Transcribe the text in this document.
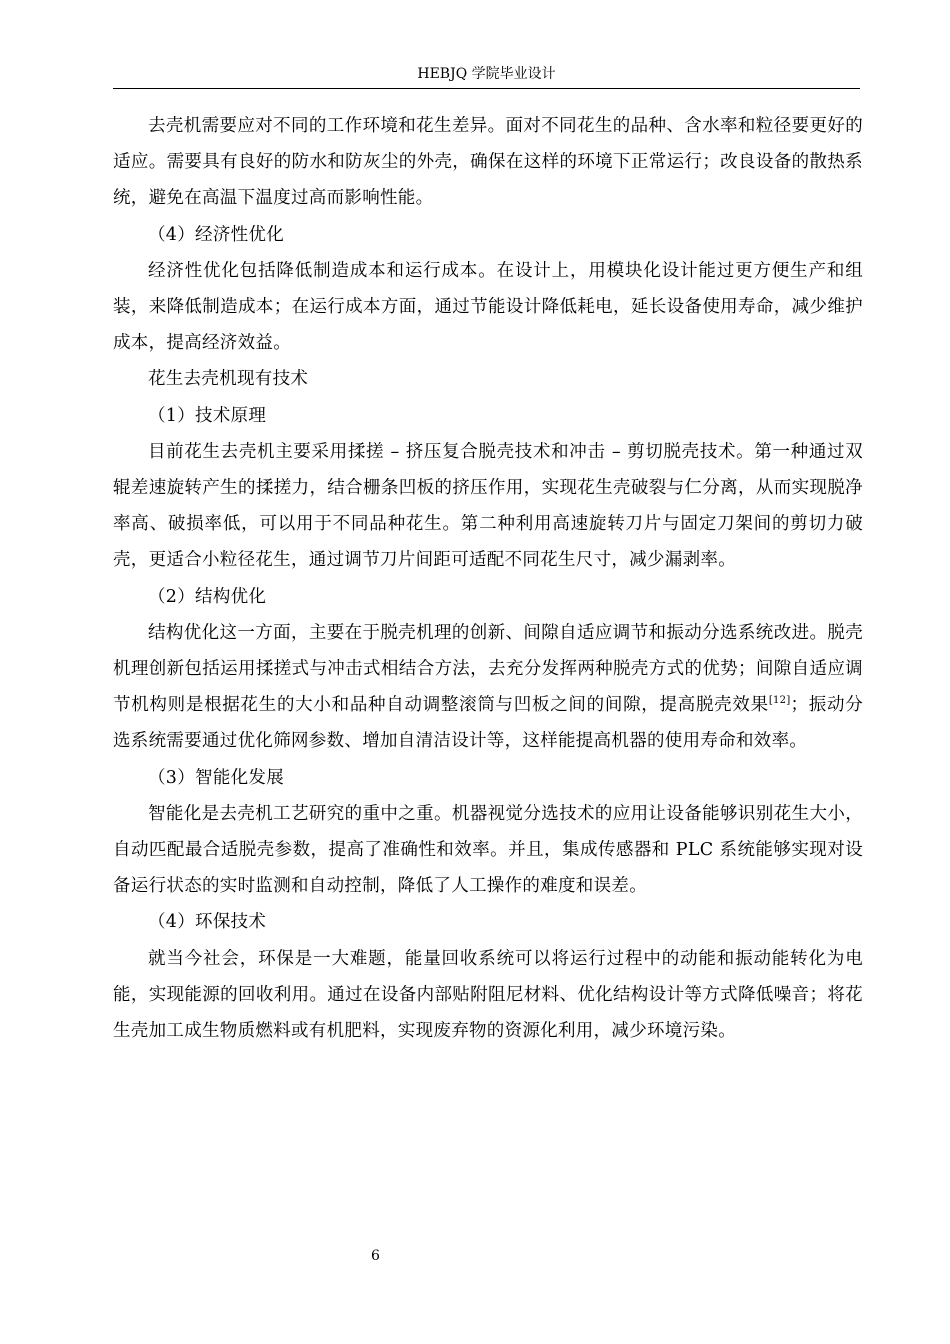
HEBJQ 学院毕业设计

去壳机需要应对不同的工作环境和花生差异。面对不同花生的品种、含水率和粒径要更好的适应。需要具有良好的防水和防灰尘的外壳，确保在这样的环境下正常运行；改良设备的散热系统，避免在高温下温度过高而影响性能。

（4）经济性优化

经济性优化包括降低制造成本和运行成本。在设计上，用模块化设计能过更方便生产和组装，来降低制造成本；在运行成本方面，通过节能设计降低耗电，延长设备使用寿命，减少维护成本，提高经济效益。

花生去壳机现有技术

（1）技术原理

目前花生去壳机主要采用揉搓 – 挤压复合脱壳技术和冲击 – 剪切脱壳技术。第一种通过双辊差速旋转产生的揉搓力，结合栅条凹板的挤压作用，实现花生壳破裂与仁分离，从而实现脱净率高、破损率低，可以用于不同品种花生。第二种利用高速旋转刀片与固定刀架间的剪切力破壳，更适合小粒径花生，通过调节刀片间距可适配不同花生尺寸，减少漏剥率。

（2）结构优化

结构优化这一方面，主要在于脱壳机理的创新、间隙自适应调节和振动分选系统改进。脱壳机理创新包括运用揉搓式与冲击式相结合方法，去充分发挥两种脱壳方式的优势；间隙自适应调节机构则是根据花生的大小和品种自动调整滚筒与凹板之间的间隙，提高脱壳效果[12]；振动分选系统需要通过优化筛网参数、增加自清洁设计等，这样能提高机器的使用寿命和效率。

（3）智能化发展

智能化是去壳机工艺研究的重中之重。机器视觉分选技术的应用让设备能够识别花生大小，自动匹配最合适脱壳参数，提高了准确性和效率。并且，集成传感器和 PLC 系统能够实现对设备运行状态的实时监测和自动控制，降低了人工操作的难度和误差。

（4）环保技术

就当今社会，环保是一大难题，能量回收系统可以将运行过程中的动能和振动能转化为电能，实现能源的回收利用。通过在设备内部贴附阻尼材料、优化结构设计等方式降低噪音；将花生壳加工成生物质燃料或有机肥料，实现废弃物的资源化利用，减少环境污染。

6
